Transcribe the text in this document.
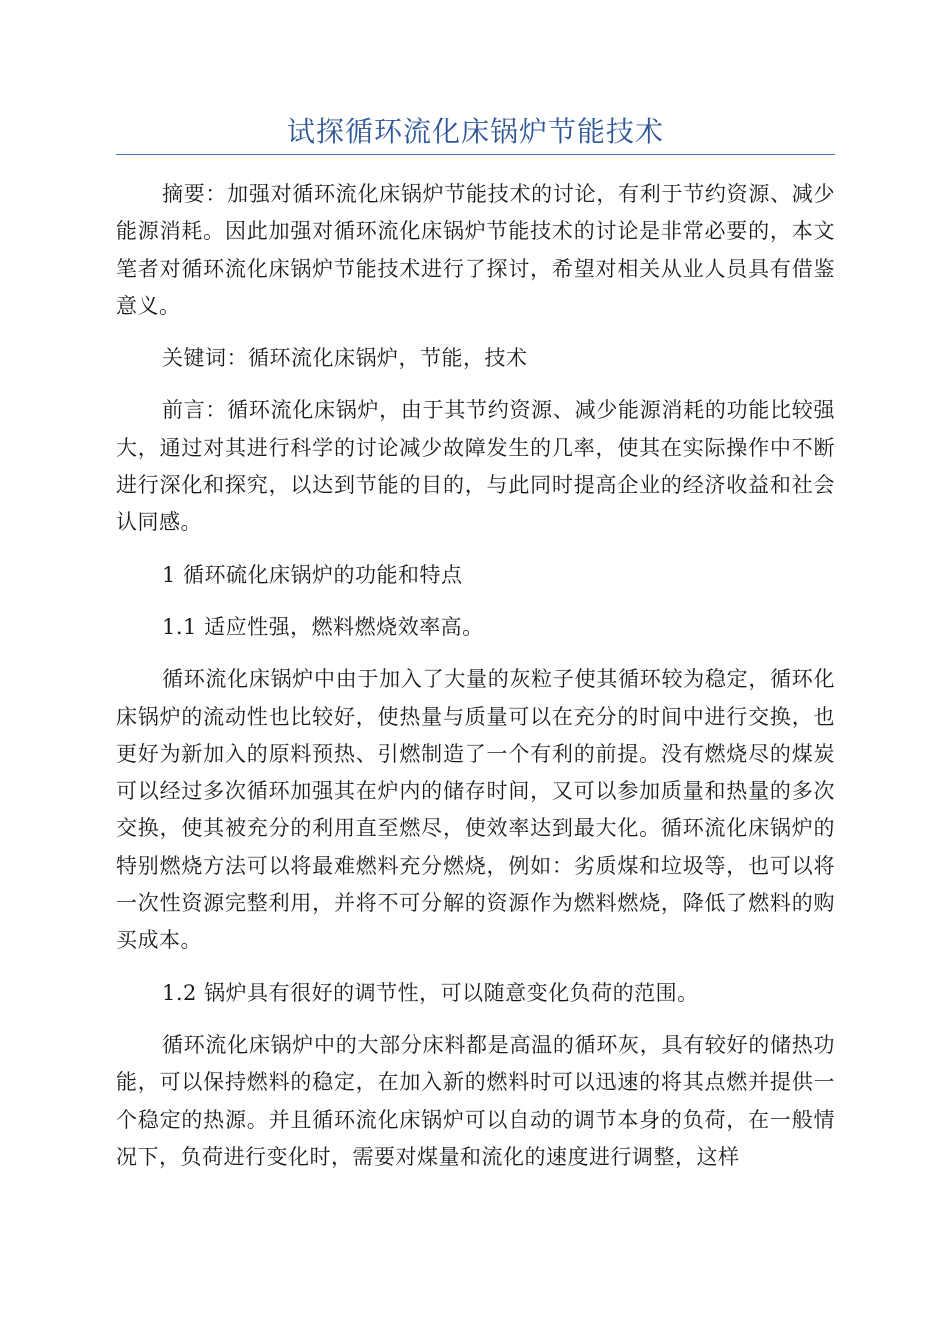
试探循环流化床锅炉节能技术

摘要：加强对循环流化床锅炉节能技术的讨论，有利于节约资源、减少能源消耗。因此加强对循环流化床锅炉节能技术的讨论是非常必要的，本文笔者对循环流化床锅炉节能技术进行了探讨，希望对相关从业人员具有借鉴意义。

关键词：循环流化床锅炉，节能，技术

前言：循环流化床锅炉，由于其节约资源、减少能源消耗的功能比较强大，通过对其进行科学的讨论减少故障发生的几率，使其在实际操作中不断进行深化和探究，以达到节能的目的，与此同时提高企业的经济收益和社会认同感。

1 循环硫化床锅炉的功能和特点

1.1 适应性强，燃料燃烧效率高。

循环流化床锅炉中由于加入了大量的灰粒子使其循环较为稳定，循环化床锅炉的流动性也比较好，使热量与质量可以在充分的时间中进行交换，也更好为新加入的原料预热、引燃制造了一个有利的前提。没有燃烧尽的煤炭可以经过多次循环加强其在炉内的储存时间，又可以参加质量和热量的多次交换，使其被充分的利用直至燃尽，使效率达到最大化。循环流化床锅炉的特别燃烧方法可以将最难燃料充分燃烧，例如：劣质煤和垃圾等，也可以将一次性资源完整利用，并将不可分解的资源作为燃料燃烧，降低了燃料的购买成本。

1.2 锅炉具有很好的调节性，可以随意变化负荷的范围。

循环流化床锅炉中的大部分床料都是高温的循环灰，具有较好的储热功能，可以保持燃料的稳定，在加入新的燃料时可以迅速的将其点燃并提供一个稳定的热源。并且循环流化床锅炉可以自动的调节本身的负荷，在一般情况下，负荷进行变化时，需要对煤量和流化的速度进行调整，这样
